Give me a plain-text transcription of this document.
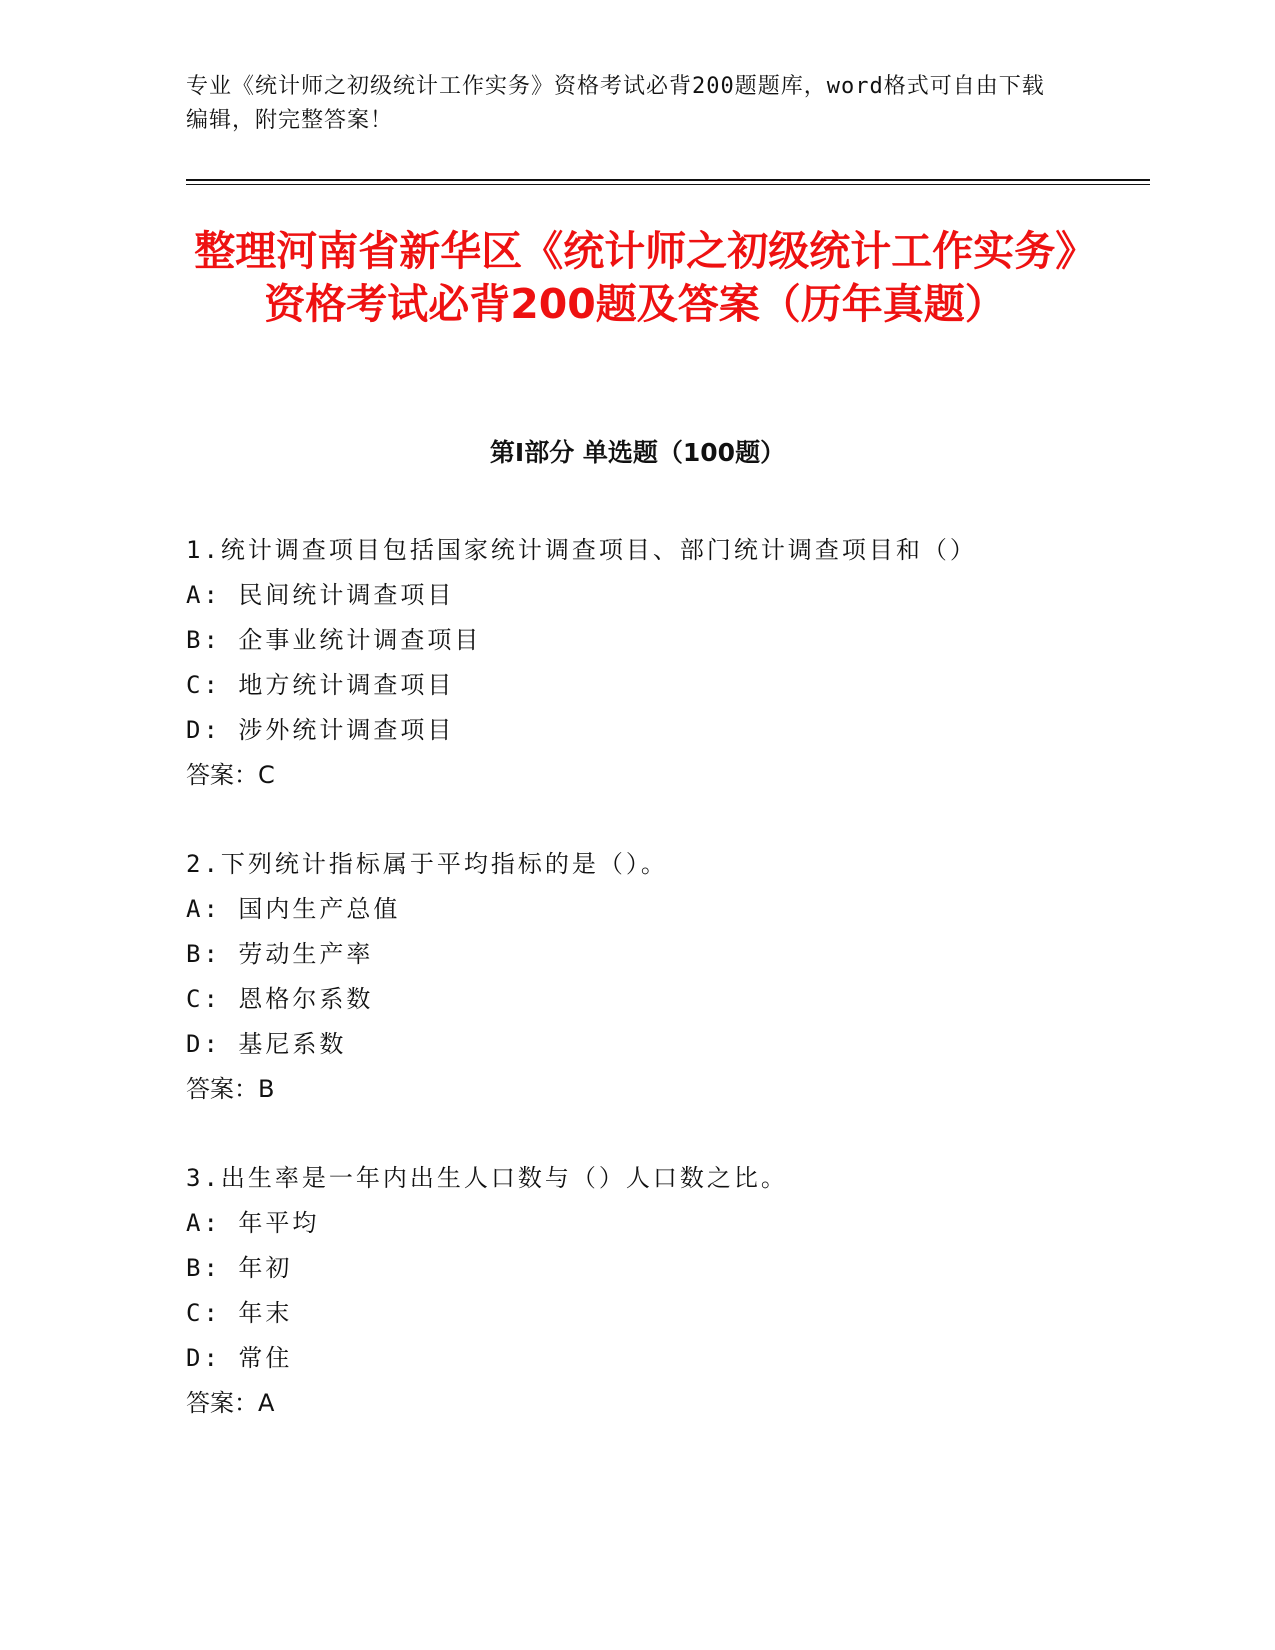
专业《统计师之初级统计工作实务》资格考试必背200题题库，word格式可自由下载编辑，附完整答案！
整理河南省新华区《统计师之初级统计工作实务》资格考试必背200题及答案（历年真题）
第Ⅰ部分 单选题（100题）
1.统计调查项目包括国家统计调查项目、部门统计调查项目和（）
A: 民间统计调查项目
B: 企事业统计调查项目
C: 地方统计调查项目
D: 涉外统计调查项目
答案：C
2.下列统计指标属于平均指标的是（）。
A: 国内生产总值
B: 劳动生产率
C: 恩格尔系数
D: 基尼系数
答案：B
3.出生率是一年内出生人口数与（）人口数之比。
A: 年平均
B: 年初
C: 年末
D: 常住
答案：A
